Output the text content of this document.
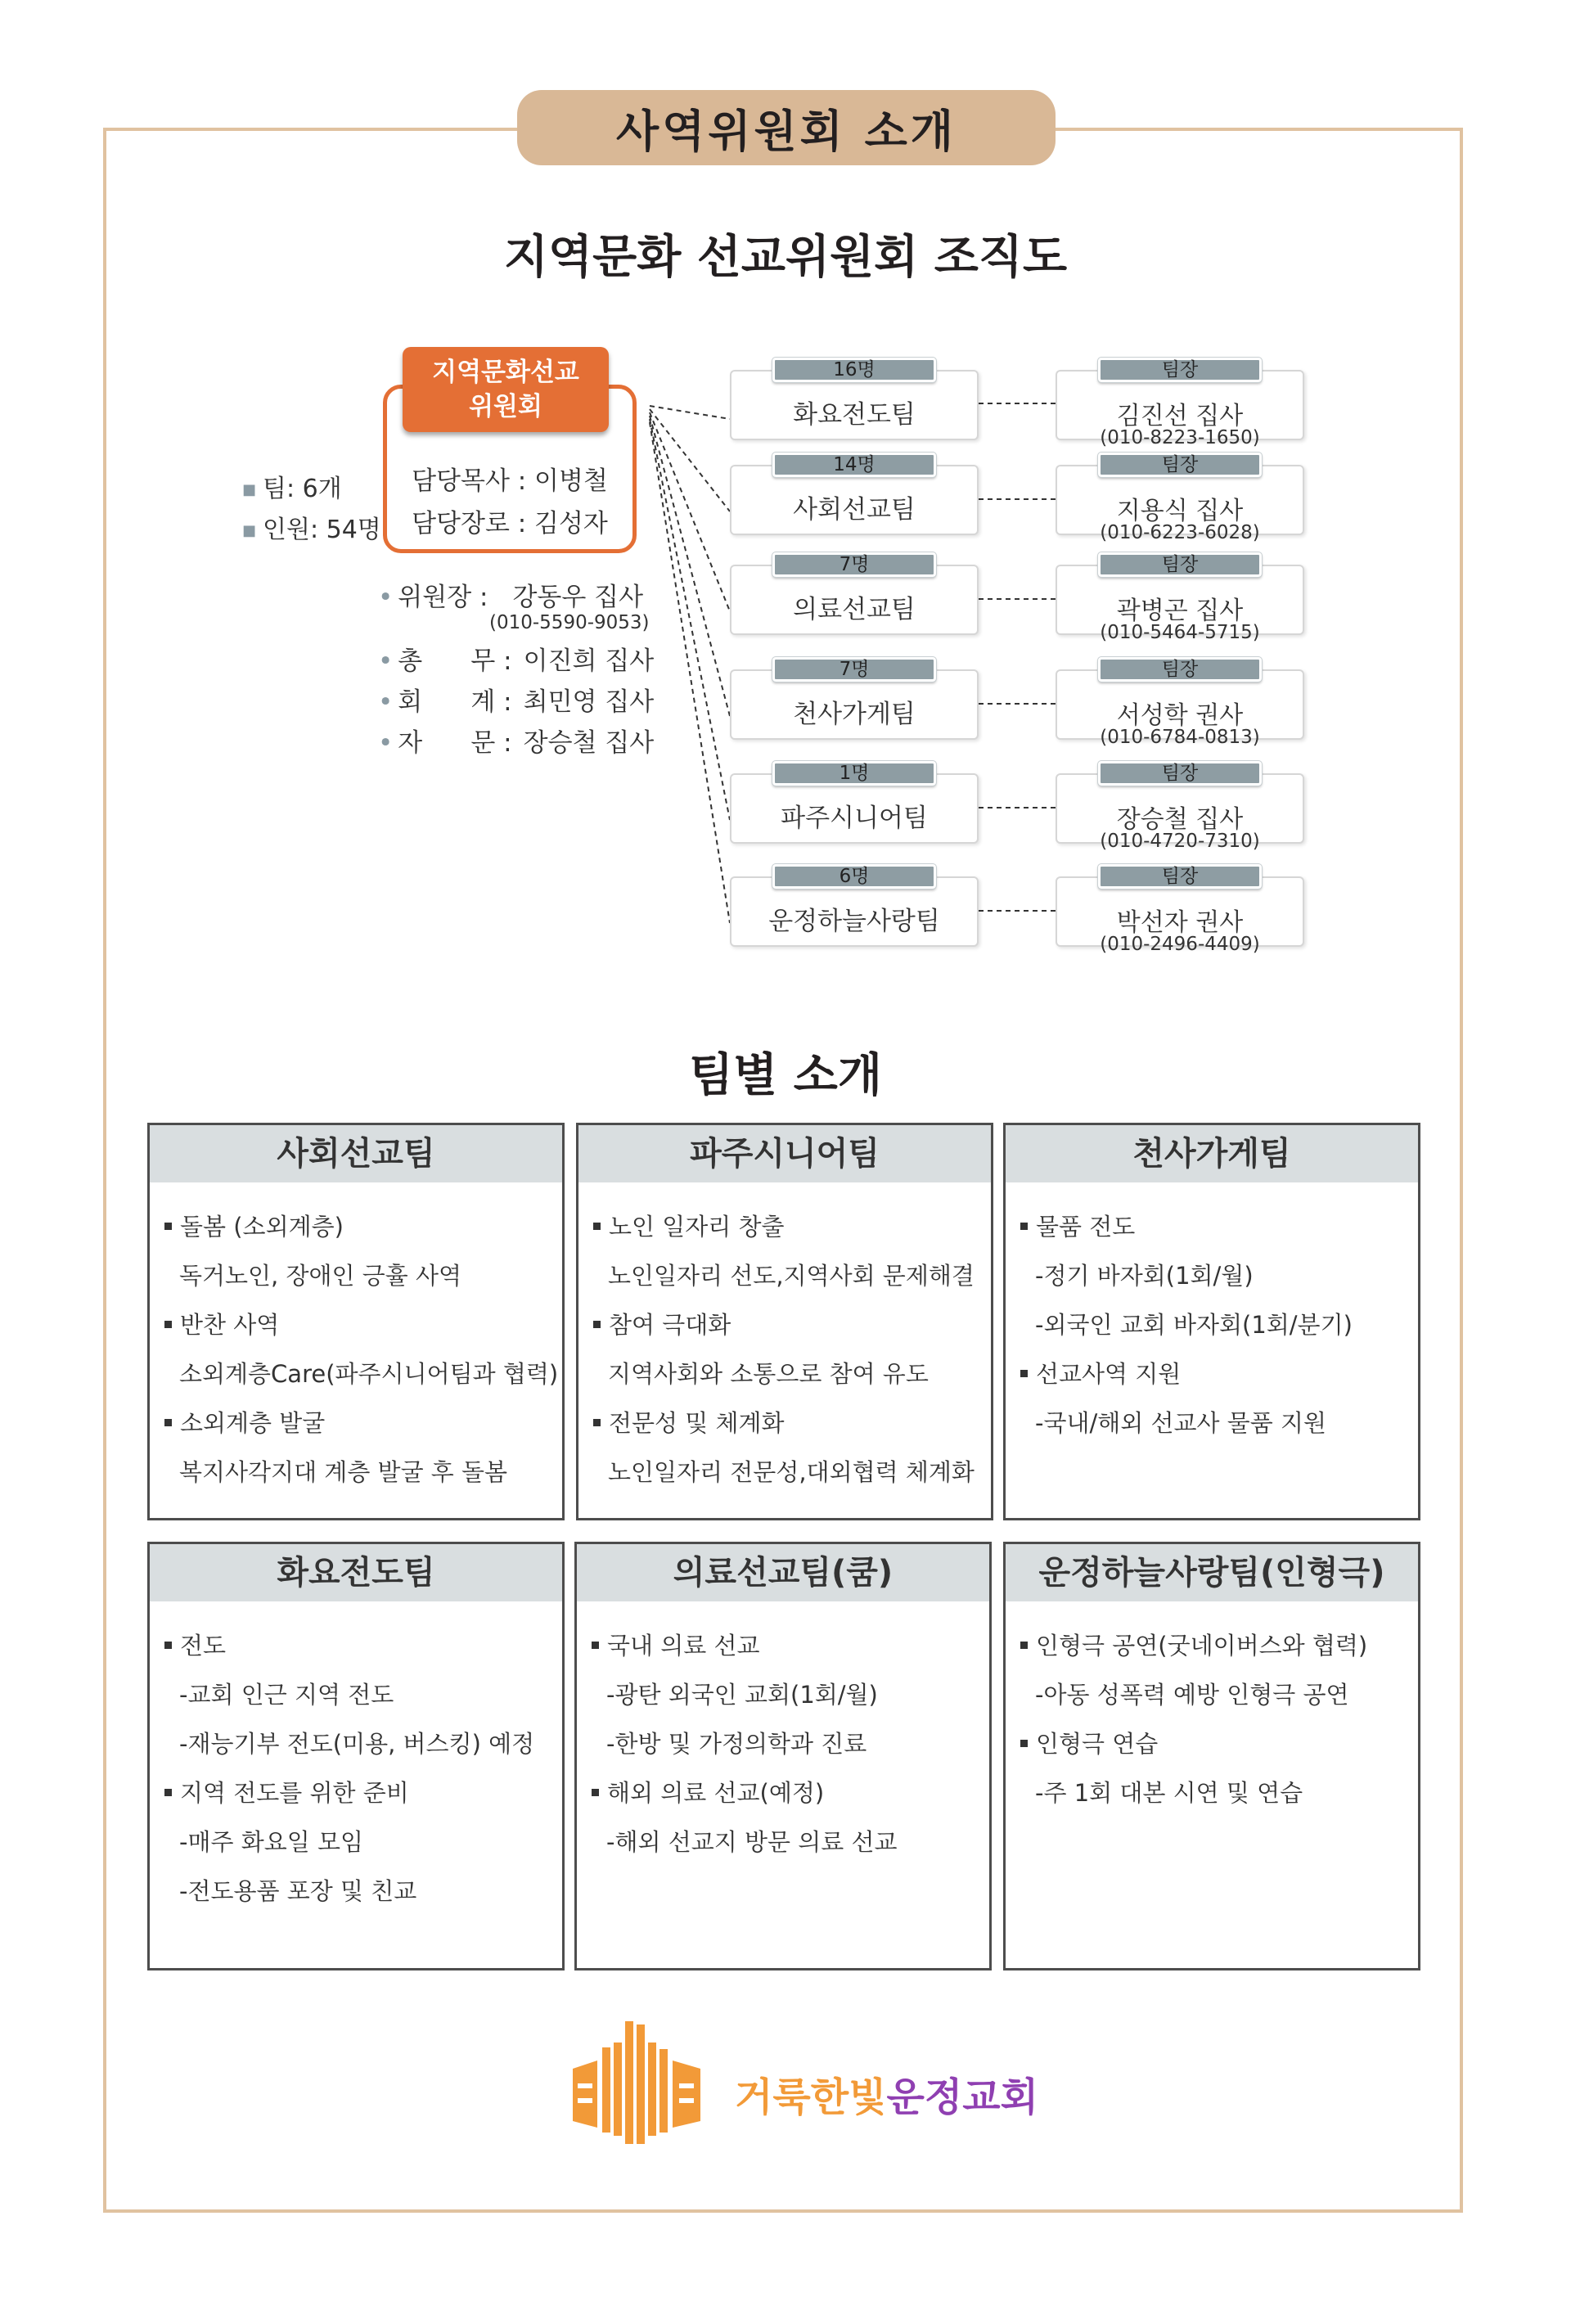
사역위원회 소개
지역문화 선교위원회 조직도
지역문화선교
위원회
담당목사 : 이병철
담당장로 : 김성자
■ 팀: 6개
■ 인원: 54명
• 위원장 : 강동우 집사
(010-5590-9053)
• 총      무 : 이진희 집사
• 회      계 : 최민영 집사
• 자      문 : 장승철 집사
화요전도팀
16명
사회선교팀
14명
의료선교팀
7명
천사가게팀
7명
파주시니어팀
1명
운정하늘사랑팀
6명
김진선 집사
(010-8223-1650)
팀장
지용식 집사
(010-6223-6028)
팀장
곽병곤 집사
(010-5464-5715)
팀장
서성학 권사
(010-6784-0813)
팀장
장승철 집사
(010-4720-7310)
팀장
박선자 권사
(010-2496-4409)
팀장
팀별 소개
사회선교팀
돌봄 (소외계층)
독거노인, 장애인 긍휼 사역
반찬 사역
소외계층Care(파주시니어팀과 협력)
소외계층 발굴
복지사각지대 계층 발굴 후 돌봄
파주시니어팀
노인 일자리 창출
노인일자리 선도,지역사회 문제해결
참여 극대화
지역사회와 소통으로 참여 유도
전문성 및 체계화
노인일자리 전문성,대외협력 체계화
천사가게팀
물품 전도
-정기 바자회(1회/월)
-외국인 교회 바자회(1회/분기)
선교사역 지원
-국내/해외 선교사 물품 지원
화요전도팀
전도
-교회 인근 지역 전도
-재능기부 전도(미용, 버스킹) 예정
지역 전도를 위한 준비
-매주 화요일 모임
-전도용품 포장 및 친교
의료선교팀(쿰)
국내 의료 선교
-광탄 외국인 교회(1회/월)
-한방 및 가정의학과 진료
해외 의료 선교(예정)
-해외 선교지 방문 의료 선교
운정하늘사랑팀(인형극)
인형극 공연(굿네이버스와 협력)
-아동 성폭력 예방 인형극 공연
인형극 연습
-주 1회 대본 시연 및 연습
거룩한빛운정교회
